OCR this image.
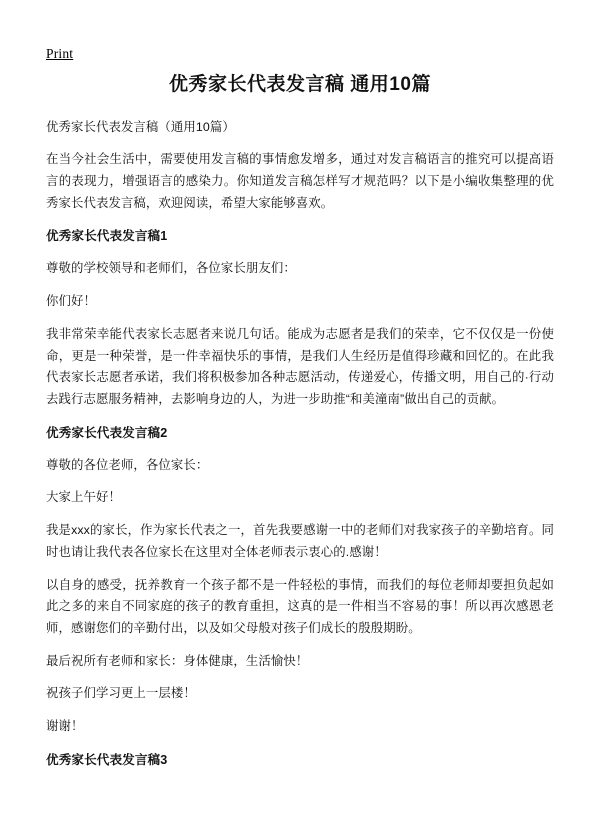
Print
优秀家长代表发言稿 通用10篇

优秀家长代表发言稿（通用10篇）

在当今社会生活中，需要使用发言稿的事情愈发增多，通过对发言稿语言的推究可以提高语言的表现力，增强语言的感染力。你知道发言稿怎样写才规范吗？以下是小编收集整理的优秀家长代表发言稿，欢迎阅读，希望大家能够喜欢。

优秀家长代表发言稿1

尊敬的学校领导和老师们，各位家长朋友们：

你们好！

我非常荣幸能代表家长志愿者来说几句话。能成为志愿者是我们的荣幸，它不仅仅是一份使命，更是一种荣誉，是一件幸福快乐的事情，是我们人生经历是值得珍藏和回忆的。在此我代表家长志愿者承诺，我们将积极参加各种志愿活动，传递爱心，传播文明，用自己的·行动去践行志愿服务精神，去影响身边的人，为进一步助推“和美潼南”做出自己的贡献。

优秀家长代表发言稿2

尊敬的各位老师，各位家长：

大家上午好！

我是xxx的家长，作为家长代表之一，首先我要感谢一中的老师们对我家孩子的辛勤培育。同时也请让我代表各位家长在这里对全体老师表示衷心的.感谢！

以自身的感受，抚养教育一个孩子都不是一件轻松的事情，而我们的每位老师却要担负起如此之多的来自不同家庭的孩子的教育重担，这真的是一件相当不容易的事！所以再次感恩老师，感谢您们的辛勤付出，以及如父母般对孩子们成长的殷殷期盼。

最后祝所有老师和家长：身体健康，生活愉快！

祝孩子们学习更上一层楼！

谢谢！

优秀家长代表发言稿3
